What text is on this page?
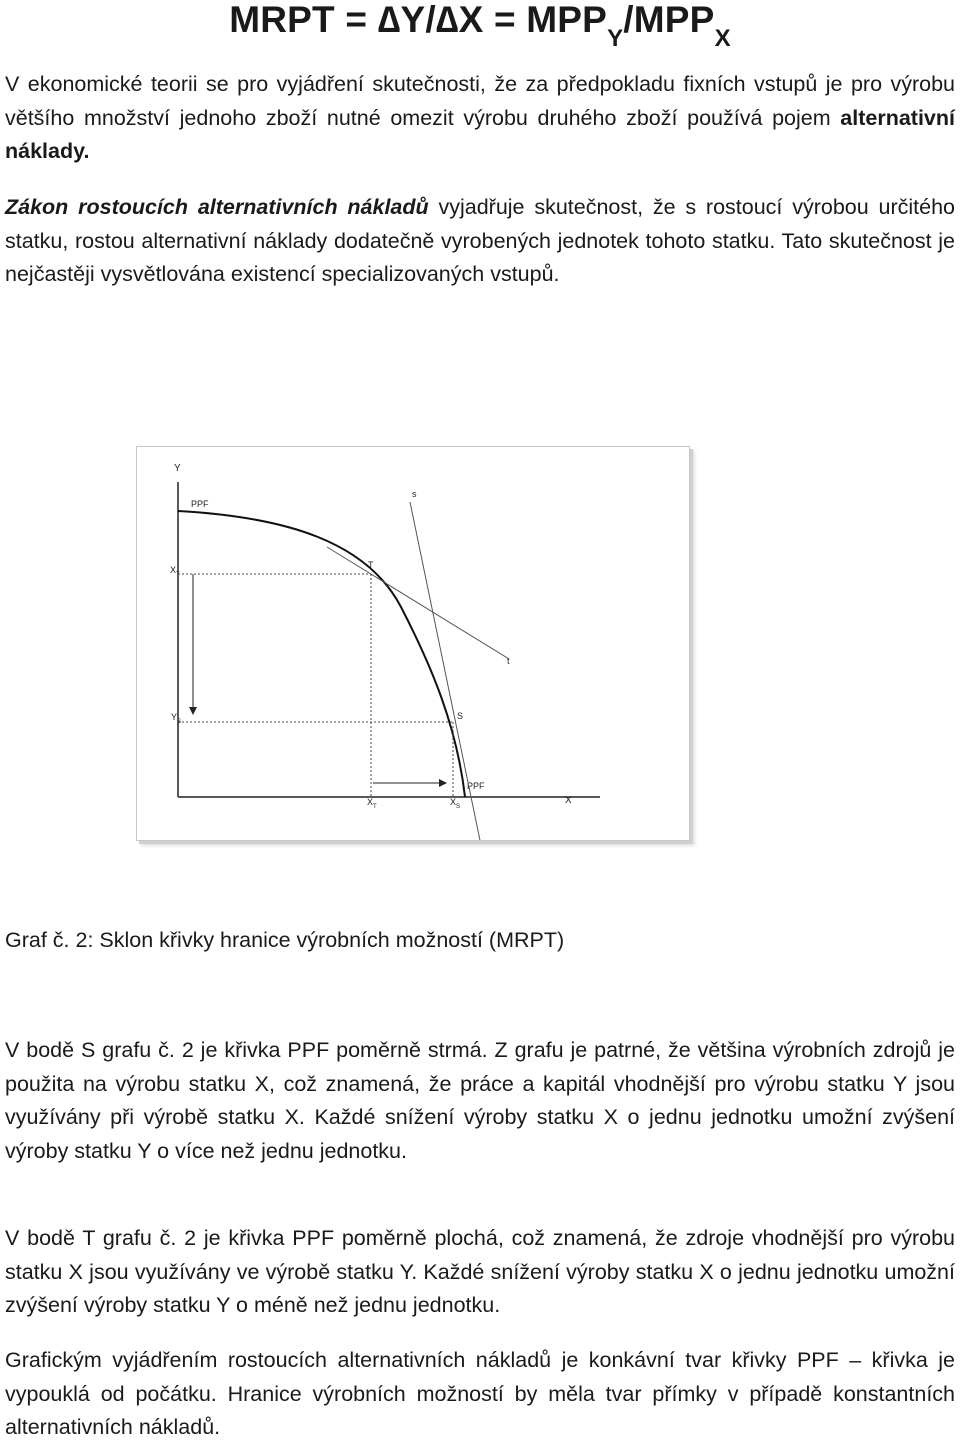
MRPT = $\Delta Y/\Delta X = MPP_Y/MPP_X$

V ekonomické teorii se pro vyjádření skutečnosti, že za předpokladu fixních vstupů je pro výrobu většího množství jednoho zboží nutné omezit výrobu druhého zboží používá pojem alternativní náklady.

Zákon rostoucích alternativních nákladů vyjadřuje skutečnost, že s rostoucí výrobou určitého statku, rostou alternativní náklady dodatečně vyrobených jednotek tohoto statku. Tato skutečnost je nejčastěji vysvětlována existencí specializovaných vstupů.

Y
X
PPF
PPF
t
s
T
S
$X_T$
$Y_S$
$X_T$	$X_S$
Graf č. 2: Sklon křivky hranice výrobních možností (MRPT)

V bodě S grafu č. 2 je křivka PPF poměrně strmá. Z grafu je patrné, že většina výrobních zdrojů je použita na výrobu statku X, což znamená, že práce a kapitál vhodnější pro výrobu statku Y jsou využívány při výrobě statku X. Každé snížení výroby statku X o jednu jednotku umožní zvýšení výroby statku Y o více než jednu jednotku.

V bodě T grafu č. 2 je křivka PPF poměrně plochá, což znamená, že zdroje vhodnější pro výrobu statku X jsou využívány ve výrobě statku Y. Každé snížení výroby statku X o jednu jednotku umožní zvýšení výroby statku Y o méně než jednu jednotku.

Grafickým vyjádřením rostoucích alternativních nákladů je konkávní tvar křivky PPF – křivka je vypouklá od počátku. Hranice výrobních možností by měla tvar přímky v případě konstantních alternativních nákladů.
